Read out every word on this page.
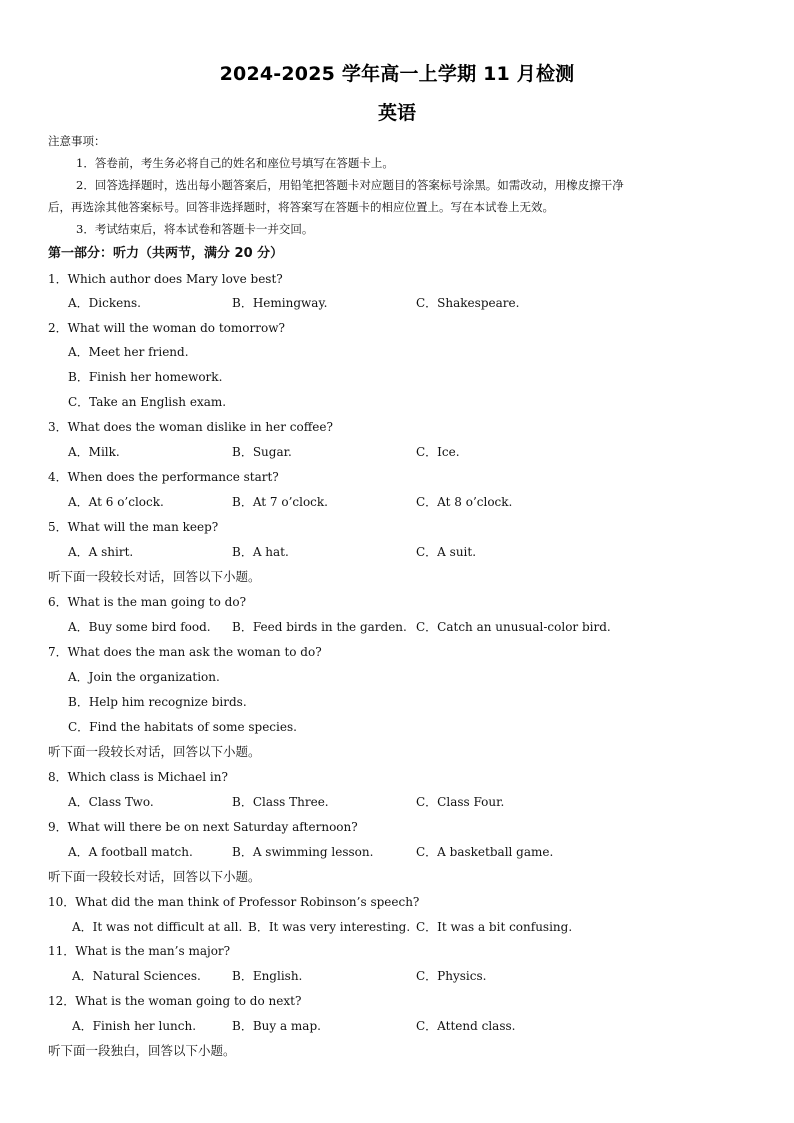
2024-2025 学年高一上学期 11 月检测
英语
注意事项：
1．答卷前，考生务必将自己的姓名和座位号填写在答题卡上。
2．回答选择题时，选出每小题答案后，用铅笔把答题卡对应题目的答案标号涂黑。如需改动，用橡皮擦干净
后，再选涂其他答案标号。回答非选择题时，将答案写在答题卡的相应位置上。写在本试卷上无效。
3．考试结束后，将本试卷和答题卡一并交回。
第一部分：听力（共两节，满分 20 分）
1．Which author does Mary love best?
A．Dickens.	B．Hemingway.	C．Shakespeare.
2．What will the woman do tomorrow?
A．Meet her friend.
B．Finish her homework.
C．Take an English exam.
3．What does the woman dislike in her coffee?
A．Milk.	B．Sugar.	C．Ice.
4．When does the performance start?
A．At 6 o’clock.	B．At 7 o’clock.	C．At 8 o’clock.
5．What will the man keep?
A．A shirt.	B．A hat.	C．A suit.
听下面一段较长对话，回答以下小题。
6．What is the man going to do?
A．Buy some bird food. B．Feed birds in the garden. C．Catch an unusual-color bird.
7．What does the man ask the woman to do?
A．Join the organization.
B．Help him recognize birds.
C．Find the habitats of some species.
听下面一段较长对话，回答以下小题。
8．Which class is Michael in?
A．Class Two.	B．Class Three.	C．Class Four.
9．What will there be on next Saturday afternoon?
A．A football match.	B．A swimming lesson.	C．A basketball game.
听下面一段较长对话，回答以下小题。
10．What did the man think of Professor Robinson’s speech?
A．It was not difficult at all. B．It was very interesting. C．It was a bit confusing.
11．What is the man’s major?
A．Natural Sciences.	B．English.	C．Physics.
12．What is the woman going to do next?
A．Finish her lunch.	B．Buy a map.	C．Attend class.
听下面一段独白，回答以下小题。
